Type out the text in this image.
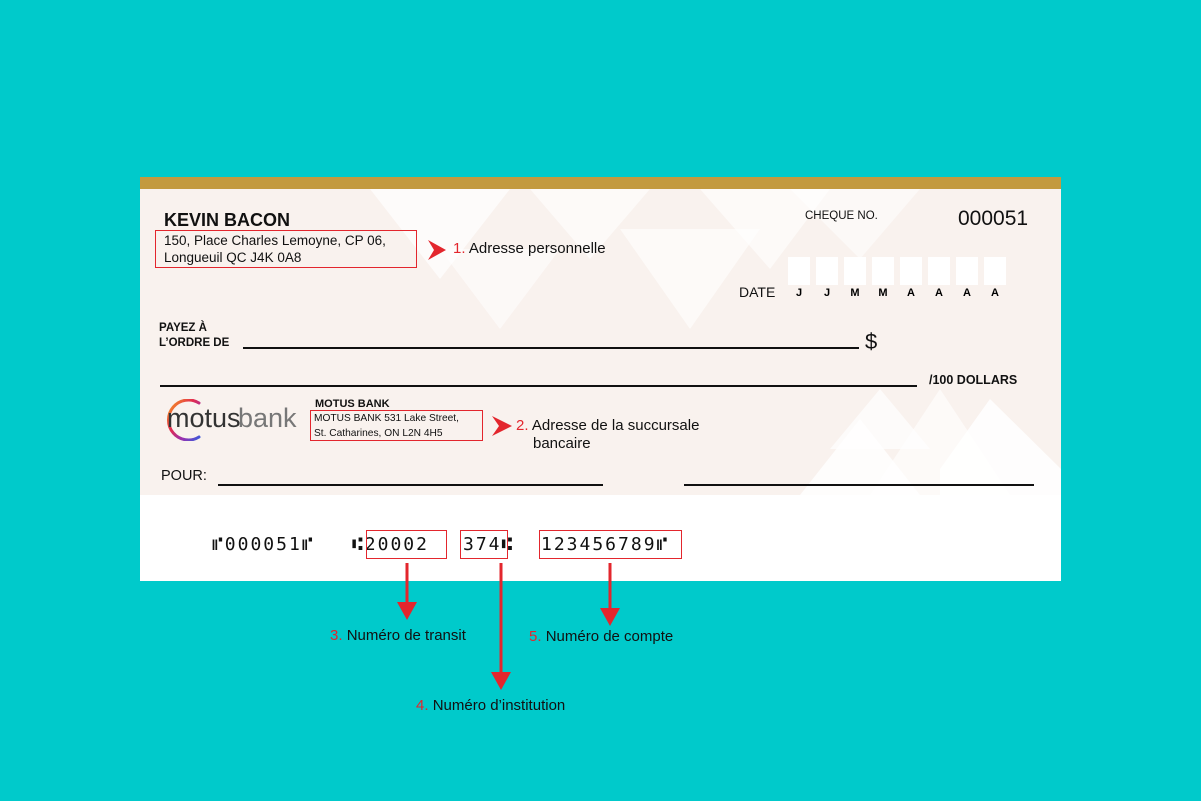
KEVIN BACON
150, Place Charles Lemoyne, CP 06,
Longueuil QC J4K 0A8
CHEQUE NO.	000051
DATE	J	J	M	M	A	A	A	A
PAYEZ À
L’ORDRE DE	$
/100 DOLLARS
motus
bank MOTUS BANK
MOTUS BANK 531 Lake Street,
St. Catharines, ON L2N 4H5
POUR:
⑈000051⑈ ⑆20002 374⑆ 123456789⑈
1. Adresse personnelle
2. Adresse de la succursale
bancaire
3. Numéro de transit
4. Numéro d’institution
5. Numéro de compte
